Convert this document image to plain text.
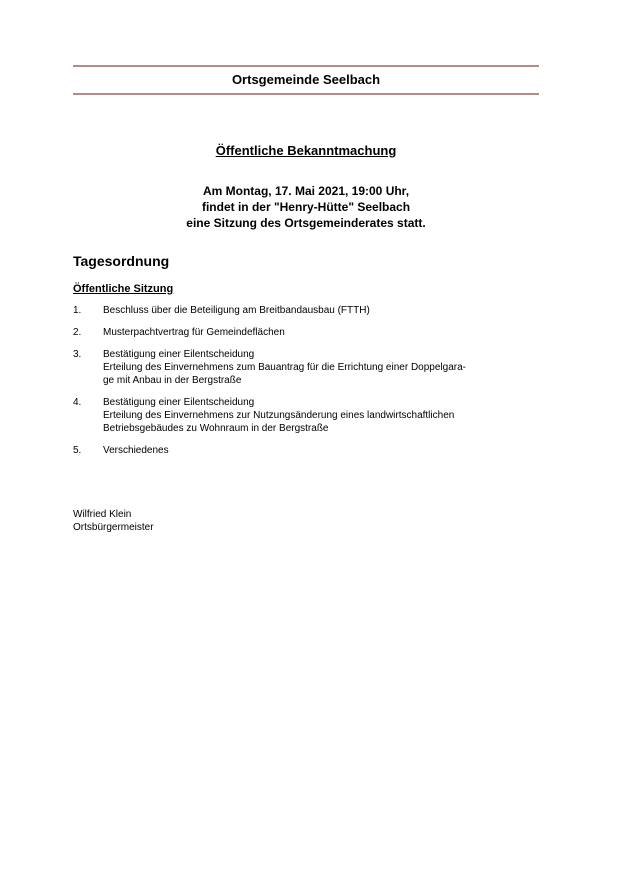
Ortsgemeinde Seelbach
Öffentliche Bekanntmachung
Am Montag, 17. Mai 2021, 19:00 Uhr,
findet in der "Henry-Hütte" Seelbach
eine Sitzung des Ortsgemeinderates statt.
Tagesordnung
Öffentliche Sitzung
1.	Beschluss über die Beteiligung am Breitbandausbau (FTTH)
2.	Musterpachtvertrag für Gemeindeflächen
3.	Bestätigung einer Eilentscheidung
Erteilung des Einvernehmens zum Bauantrag für die Errichtung einer Doppelgara-
ge mit Anbau in der Bergstraße
4.	Bestätigung einer Eilentscheidung
Erteilung des Einvernehmens zur Nutzungsänderung eines landwirtschaftlichen
Betriebsgebäudes zu Wohnraum in der Bergstraße
5.	Verschiedenes
Wilfried Klein
Ortsbürgermeister
